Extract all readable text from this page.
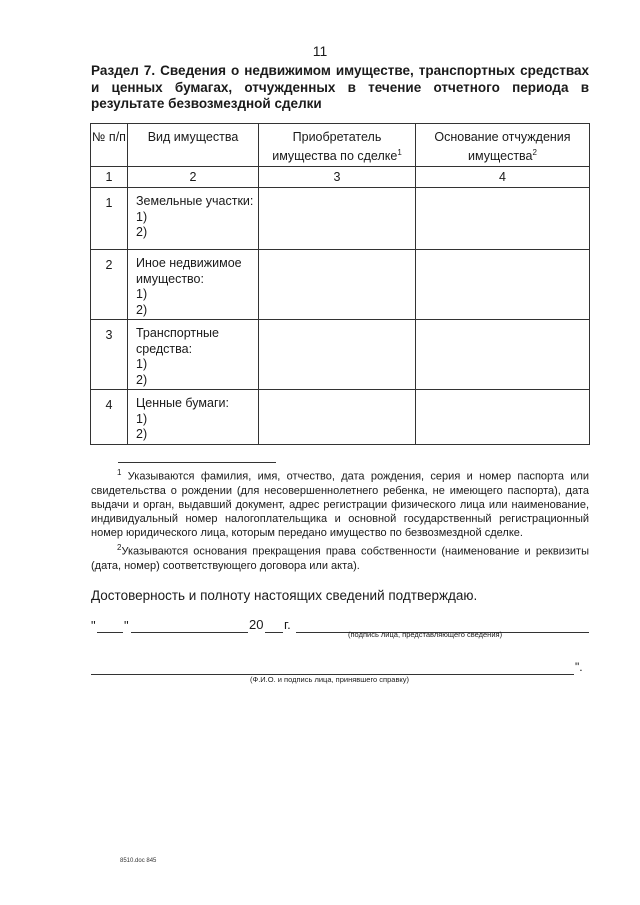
11
Раздел 7. Сведения о недвижимом имуществе, транспортных средствах и ценных бумагах, отчужденных в течение отчетного периода в результате безвозмездной сделки
№ п/п	Вид имущества	Приобретатель имущества по сделке$^1$	Основание отчуждения имущества$^2$
1	2	3	4
1	Земельные участки:
1)
2)		

2	Иное недвижимое имущество:
1)
2)		

3	Транспортные средства:
1)
2)		

4	Ценные бумаги:
1)
2)		

$^1$ Указываются фамилия, имя, отчество, дата рождения, серия и номер паспорта или свидетельства о рождении (для несовершеннолетнего ребенка, не имеющего паспорта), дата выдачи и орган, выдавший документ, адрес регистрации физического лица или наименование, индивидуальный номер налогоплательщика и основной государственный регистрационный номер юридического лица, которым передано имущество по безвозмездной сделке.

$^2$Указываются основания прекращения права собственности (наименование и реквизиты (дата, номер) соответствующего договора или акта).

Достоверность и полноту настоящих сведений подтверждаю.
" "	20 г.
(подпись лица, представляющего сведения)
".
(Ф.И.О. и подпись лица, принявшего справку)
8510.doc 845
